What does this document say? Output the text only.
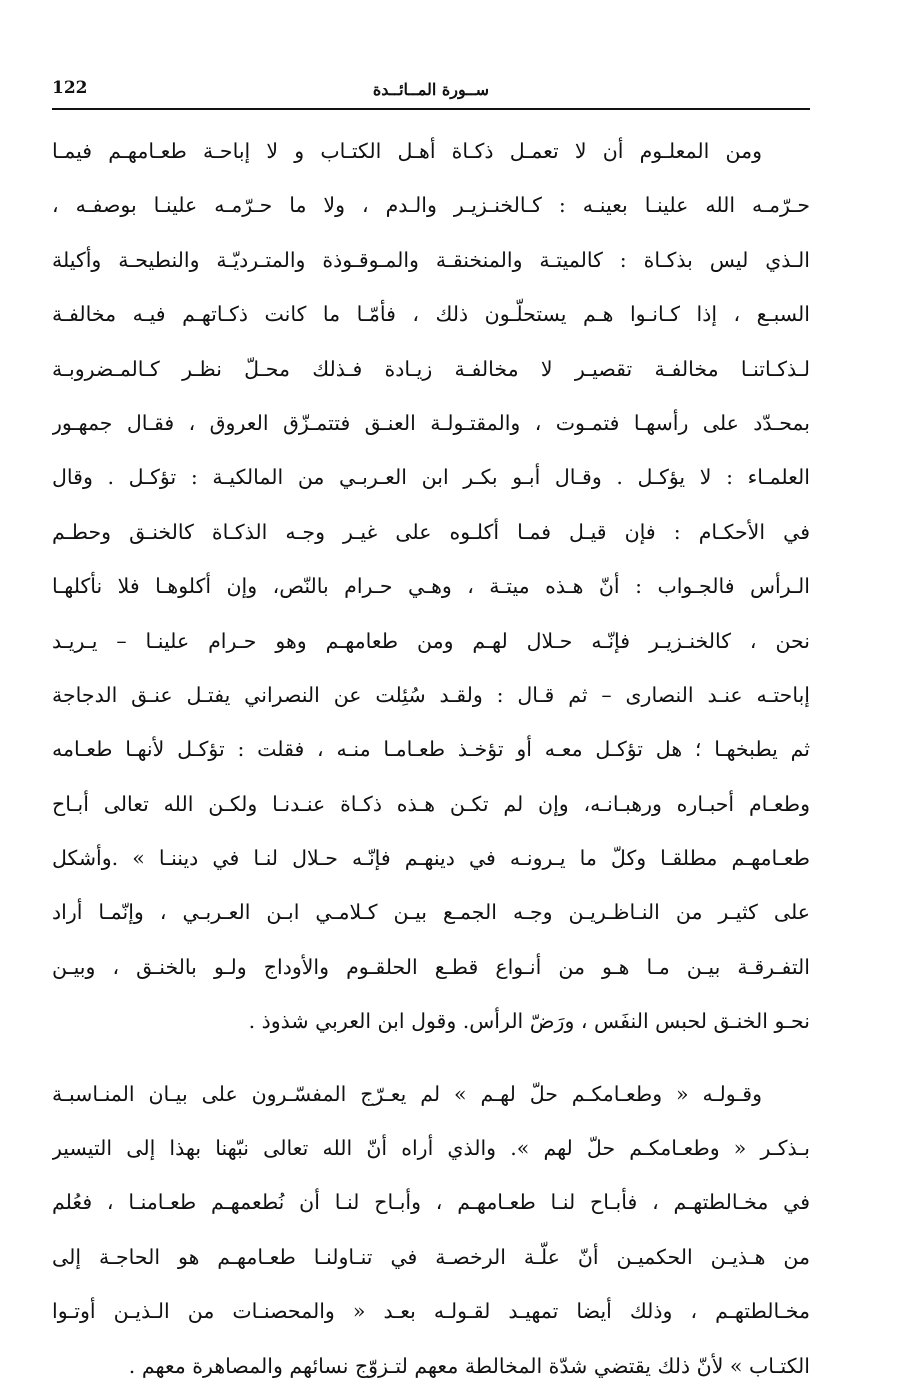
122	ســورة المــائــدة
ومن المعلـوم أن لا تعمـل ذكـاة أهـل الكتـاب و لا إباحـة طعـامهـم فيمـا
حـرّمـه الله علينـا بعينـه : كـالخنـزيـر والـدم ، ولا ما حـرّمـه علينـا بوصفـه ،
الـذي ليس بذكـاة : كالميتـة والمنخنقـة والمـوقـوذة والمتـرديّـة والنطيحـة وأكيلة
السبـع ، إذا كـانـوا هـم يستحلّـون ذلك ، فأمّـا ما كانت ذكـاتهـم فيـه مخالفـة
لـذكـاتنـا مخالفـة تقصيـر لا مخالفـة زيـادة فـذلك محـلّ نظـر كـالمـضروبـة
بمحـدّد على رأسهـا فتمـوت ، والمقتـولـة العنـق فتتمـزّق العروق ، فقـال جمهـور
العلمـاء : لا يؤكـل . وقـال أبـو بكـر ابن العـربـي من المالكيـة : تؤكـل . وقال
في الأحكـام : فإن قيـل فمـا أكلـوه على غيـر وجـه الذكـاة كالخنـق وحطـم
الـرأس فالجـواب : أنّ هـذه ميتـة ، وهـي حـرام بالنّص، وإن أكلوهـا فلا نأكلهـا
نحن ، كالخنـزيـر فإنّـه حـلال لهـم ومن طعامهـم وهو حـرام علينـا – يـريـد
إباحتـه عنـد النصارى – ثم قـال : ولقـد سُئِلت عن النصراني يفتـل عنـق الدجاجة
ثم يطبخهـا ؛ هل تؤكـل معـه أو تؤخـذ طعـامـا منـه ، فقلت : تؤكـل لأنهـا طعـامه
وطعـام أحبـاره ورهبـانـه، وإن لم تكـن هـذه ذكـاة عنـدنـا ولكـن الله تعالى أبـاح
طعـامهـم مطلقـا وكلّ ما يـرونـه في دينهـم فإنّـه حـلال لنـا في ديننـا » .وأشكل
على كثيـر من النـاظـريـن وجـه الجمـع بيـن كـلامـي ابـن العـربـي ، وإنّمـا أراد
التفـرقـة بيـن مـا هـو من أنـواع قطـع الحلقـوم والأوداج ولـو بالخنـق ، وبيـن
نحـو الخنـق لحبس النفَس ، ورَضّ الرأس. وقول ابن العربي شذوذ .
وقـولـه « وطعـامكـم حلّ لهـم » لم يعـرّج المفسّـرون على بيـان المنـاسبـة
بـذكـر « وطعـامكـم حلّ لهم ». والذي أراه أنّ الله تعالى نبّهنا بهذا إلى التيسير
في مخـالطتهـم ، فأبـاح لنـا طعـامهـم ، وأبـاح لنـا أن نُطعمهـم طعـامنـا ، فعُلم
من هـذيـن الحكميـن أنّ علّـة الرخصـة في تنـاولنـا طعـامهـم هو الحاجـة إلى
مخـالطتهـم ، وذلك أيضا تمهيـد لقـولـه بعـد « والمحصنـات من الـذيـن أوتـوا
الكتـاب » لأنّ ذلك يقتضي شدّة المخالطة معهم لتـزوّج نسائهم والمصاهرة معهم .
